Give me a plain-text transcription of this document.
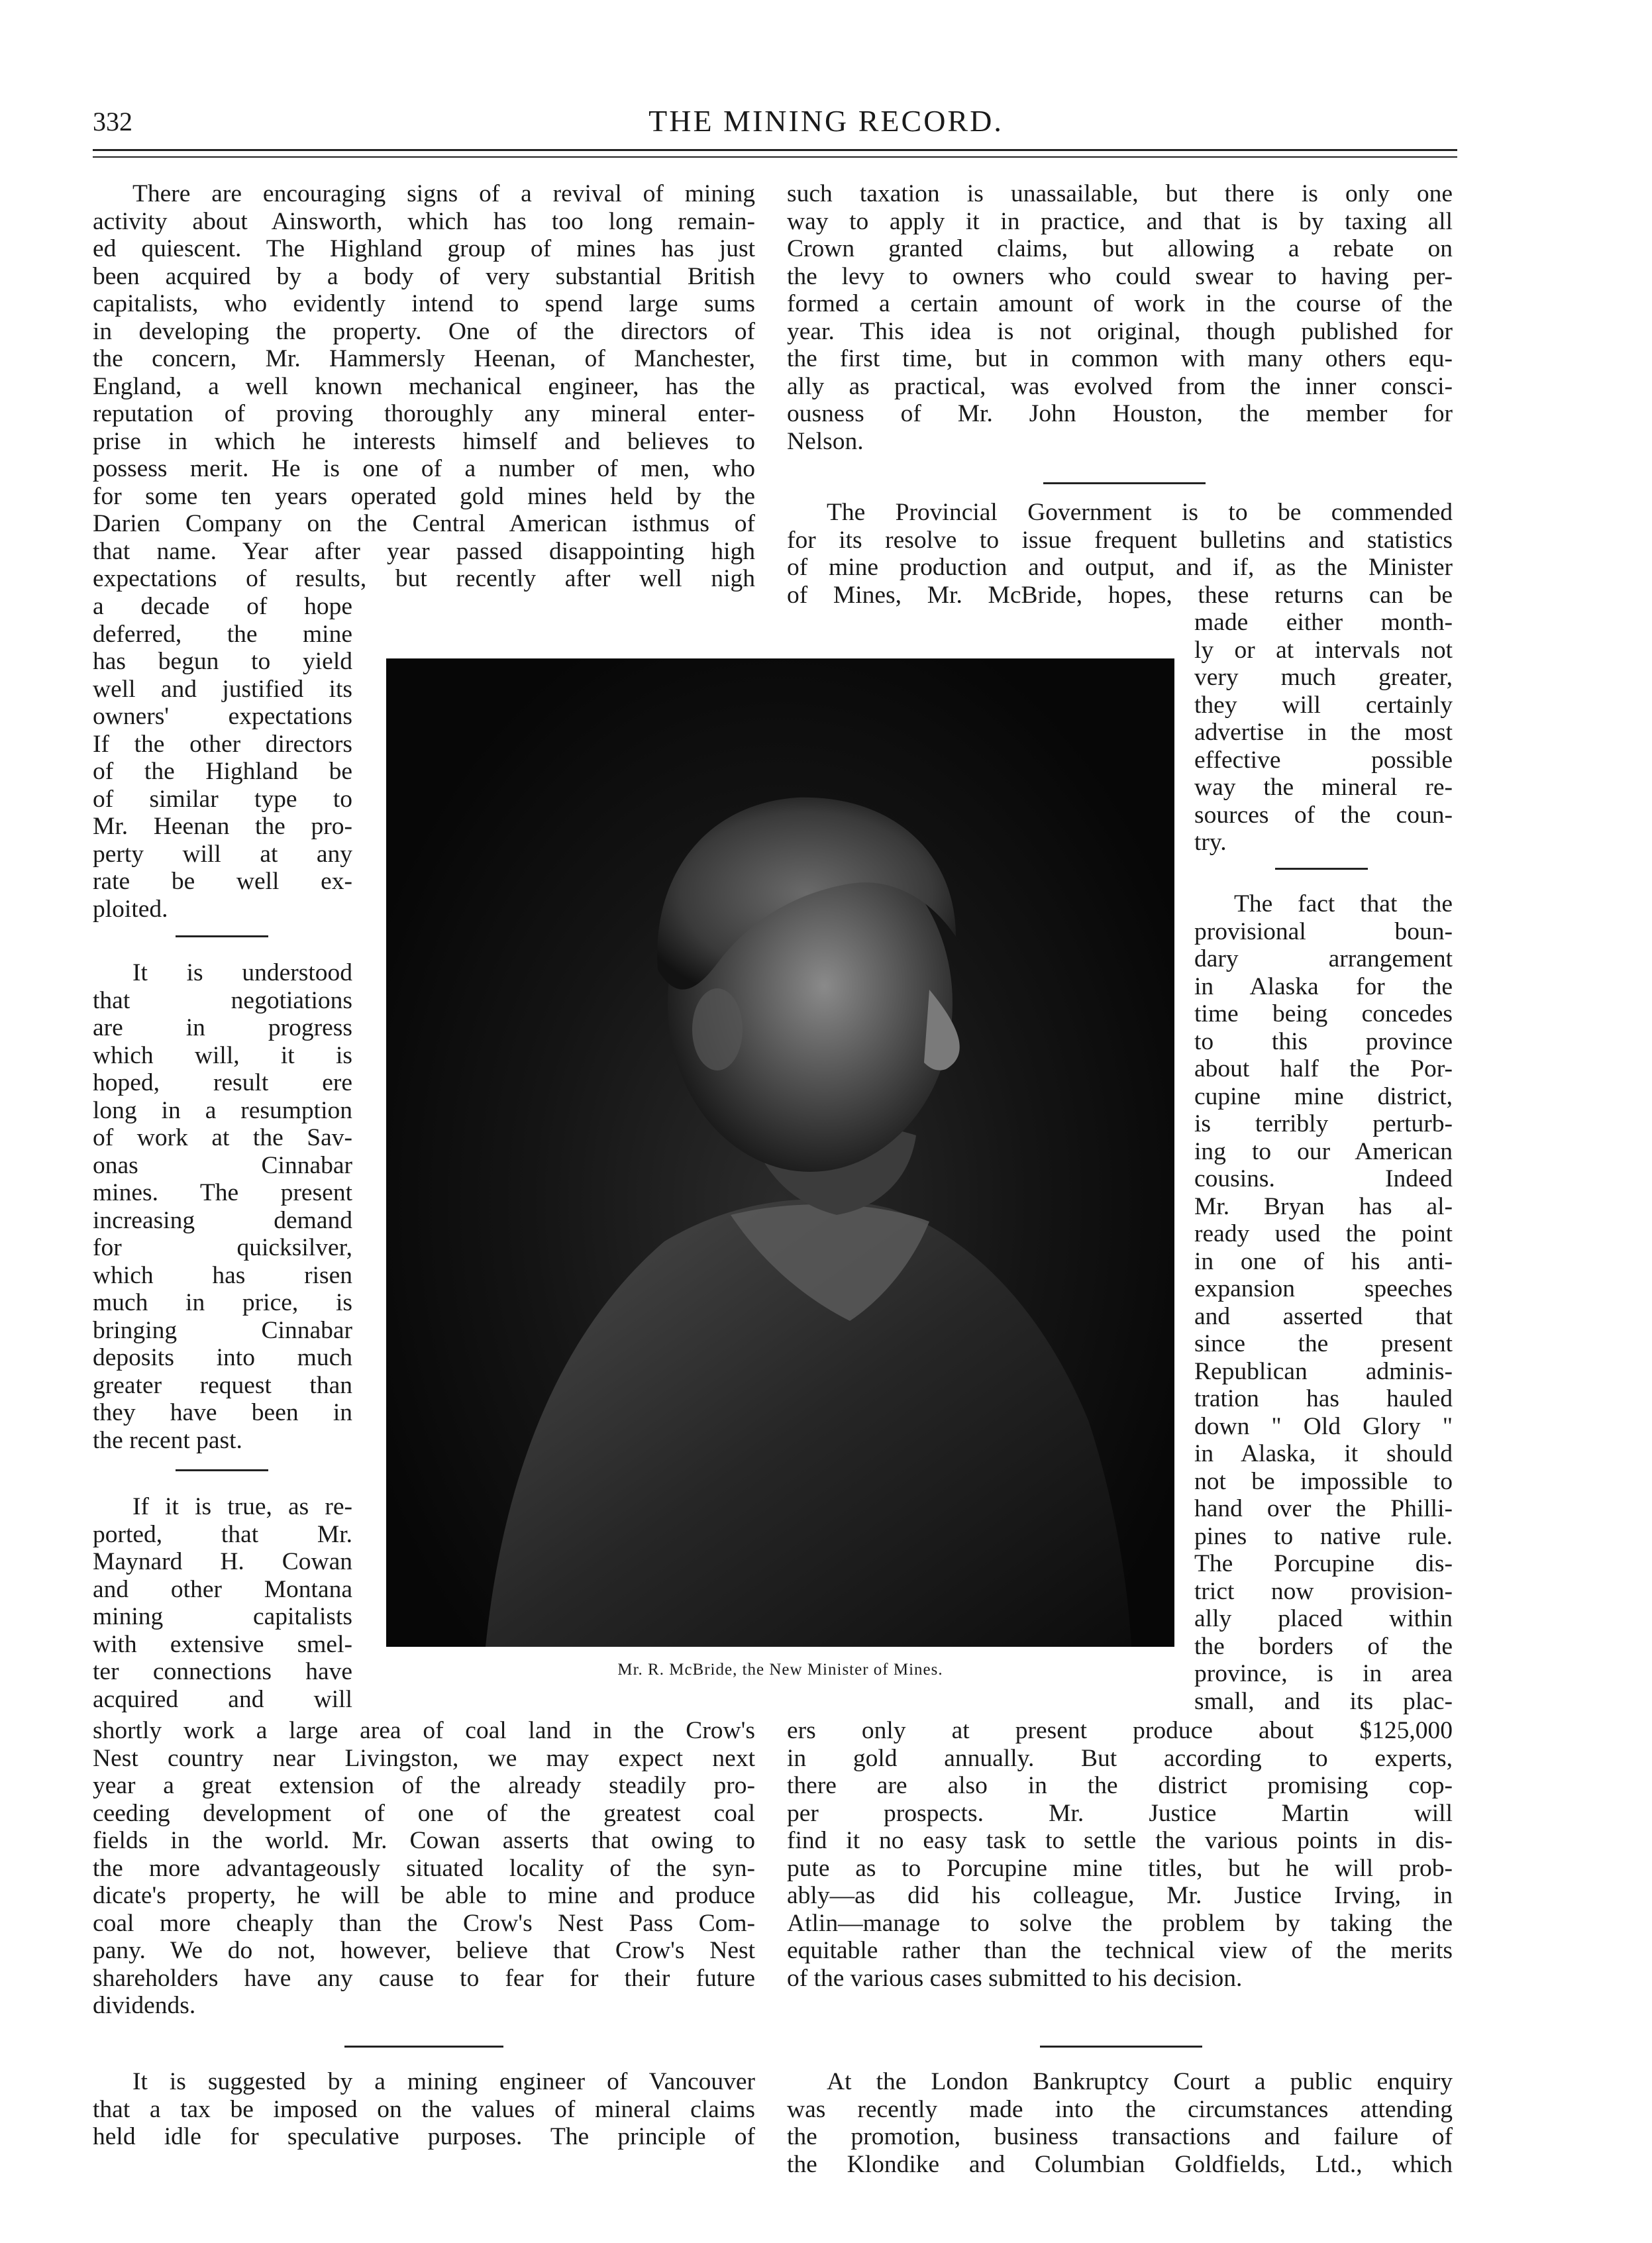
332	THE MINING RECORD.
There are encouraging signs of a revival of mining
activity about Ainsworth, which has too long remain-
ed quiescent. The Highland group of mines has just
been acquired by a body of very substantial British
capitalists, who evidently intend to spend large sums
in developing the property. One of the directors of
the concern, Mr. Hammersly Heenan, of Manchester,
England, a well known mechanical engineer, has the
reputation of proving thoroughly any mineral enter-
prise in which he interests himself and believes to
possess merit. He is one of a number of men, who
for some ten years operated gold mines held by the
Darien Company on the Central American isthmus of
that name. Year after year passed disappointing high
expectations of results, but recently after well nigh
a decade of hope
deferred, the mine
has begun to yield
well and justified its
owners' expectations
If the other directors
of the Highland be
of similar type to
Mr. Heenan the pro-
perty will at any
rate be well ex-
ploited.
It is understood
that negotiations
are in progress
which will, it is
hoped, result ere
long in a resumption
of work at the Sav-
onas Cinnabar
mines. The present
increasing demand
for quicksilver,
which has risen
much in price, is
bringing Cinnabar
deposits into much
greater request than
they have been in
the recent past.
If it is true, as re-
ported, that Mr.
Maynard H. Cowan
and other Montana
mining capitalists
with extensive smel-
ter connections have
acquired and will
shortly work a large area of coal land in the Crow's
Nest country near Livingston, we may expect next
year a great extension of the already steadily pro-
ceeding development of one of the greatest coal
fields in the world. Mr. Cowan asserts that owing to
the more advantageously situated locality of the syn-
dicate's property, he will be able to mine and produce
coal more cheaply than the Crow's Nest Pass Com-
pany. We do not, however, believe that Crow's Nest
shareholders have any cause to fear for their future
dividends.
It is suggested by a mining engineer of Vancouver
that a tax be imposed on the values of mineral claims
held idle for speculative purposes. The principle of
such taxation is unassailable, but there is only one
way to apply it in practice, and that is by taxing all
Crown granted claims, but allowing a rebate on
the levy to owners who could swear to having per-
formed a certain amount of work in the course of the
year. This idea is not original, though published for
the first time, but in common with many others equ-
ally as practical, was evolved from the inner consci-
ousness of Mr. John Houston, the member for
Nelson.
The Provincial Government is to be commended
for its resolve to issue frequent bulletins and statistics
of mine production and output, and if, as the Minister
of Mines, Mr. McBride, hopes, these returns can be
made either month-
ly or at intervals not
very much greater,
they will certainly
advertise in the most
effective possible
way the mineral re-
sources of the coun-
try.
The fact that the
provisional boun-
dary arrangement
in Alaska for the
time being concedes
to this province
about half the Por-
cupine mine district,
is terribly perturb-
ing to our American
cousins. Indeed
Mr. Bryan has al-
ready used the point
in one of his anti-
expansion speeches
and asserted that
since the present
Republican adminis-
tration has hauled
down " Old Glory "
in Alaska, it should
not be impossible to
hand over the Philli-
pines to native rule.
The Porcupine dis-
trict now provision-
ally placed within
the borders of the
province, is in area
small, and its plac-
ers only at present produce about $125,000
in gold annually. But according to experts,
there are also in the district promising cop-
per prospects. Mr. Justice Martin will
find it no easy task to settle the various points in dis-
pute as to Porcupine mine titles, but he will prob-
ably—as did his colleague, Mr. Justice Irving, in
Atlin—manage to solve the problem by taking the
equitable rather than the technical view of the merits
of the various cases submitted to his decision.
At the London Bankruptcy Court a public enquiry
was recently made into the circumstances attending
the promotion, business transactions and failure of
the Klondike and Columbian Goldfields, Ltd., which
Mr. R. McBride, the New Minister of Mines.
